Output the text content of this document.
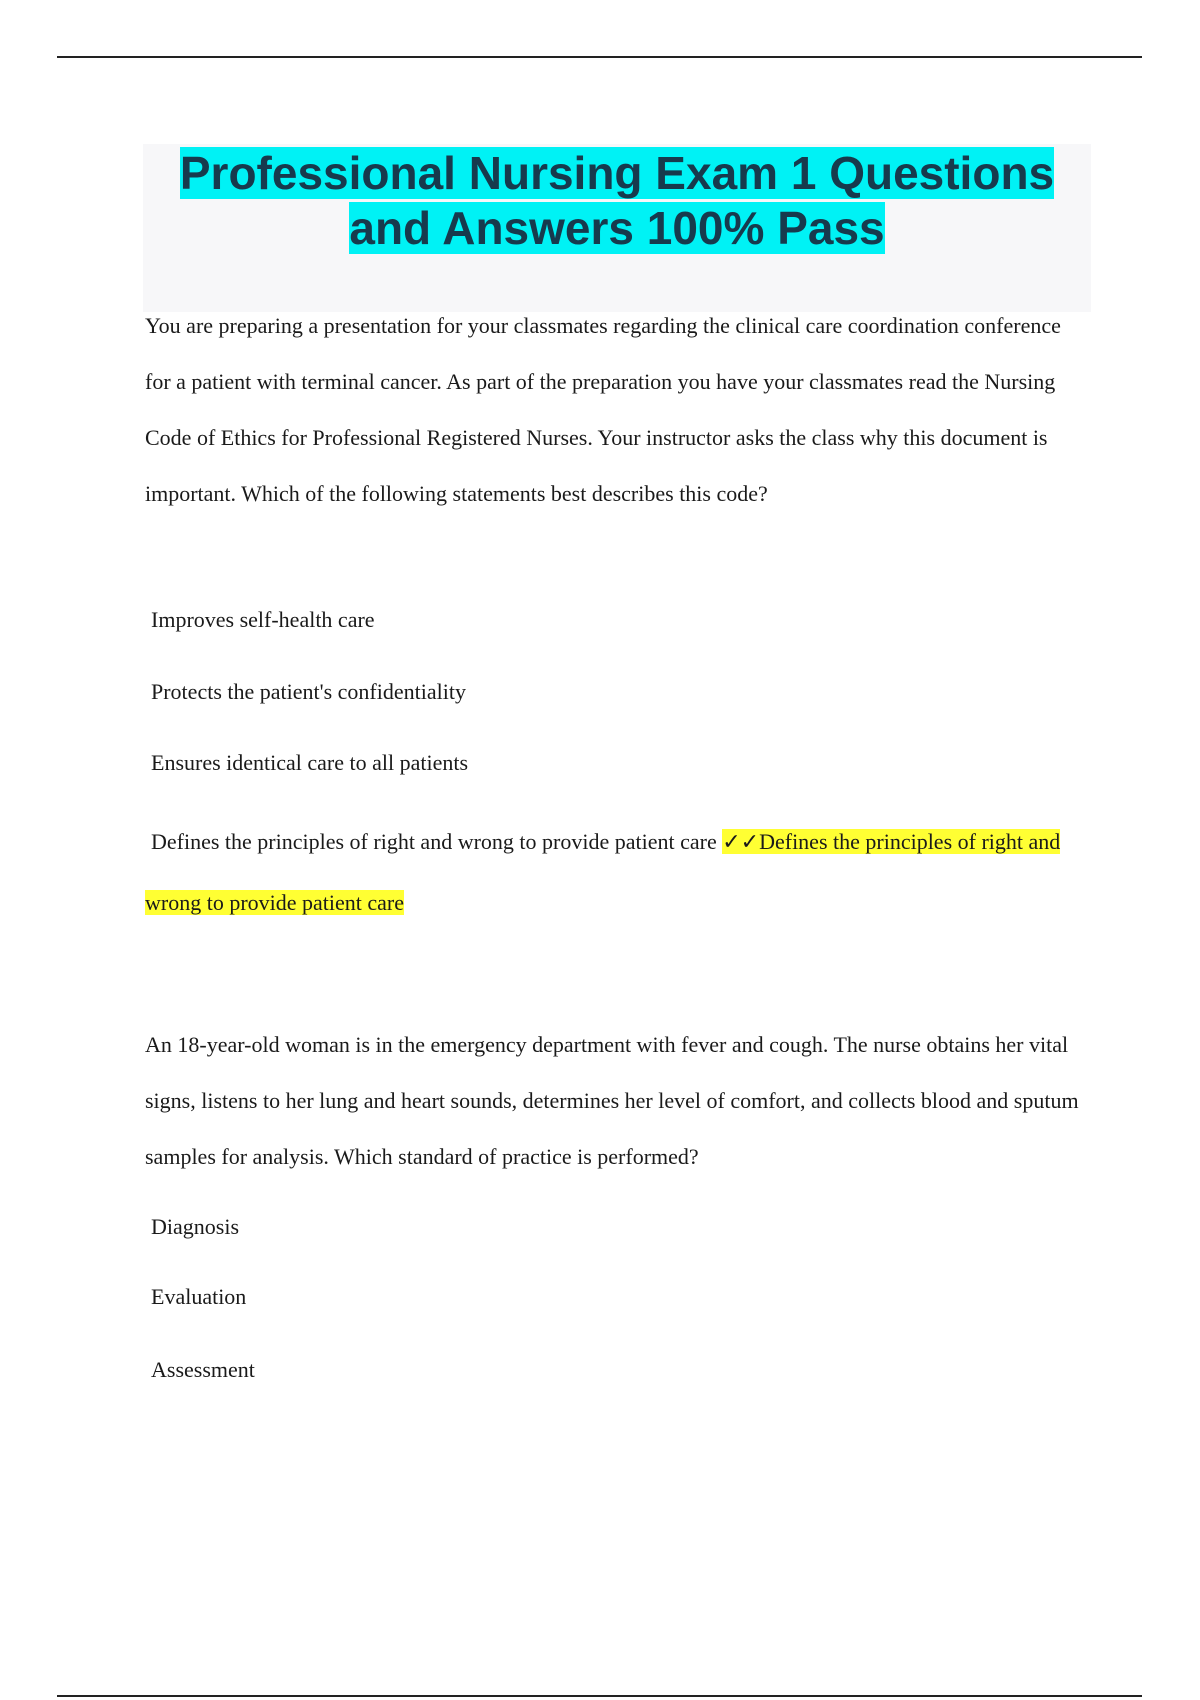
Professional Nursing Exam 1 Questions
and Answers 100% Pass

You are preparing a presentation for your classmates regarding the clinical care coordination conference for a patient with terminal cancer. As part of the preparation you have your classmates read the Nursing Code of Ethics for Professional Registered Nurses. Your instructor asks the class why this document is important. Which of the following statements best describes this code?

Improves self-health care

Protects the patient's confidentiality

Ensures identical care to all patients

Defines the principles of right and wrong to provide patient care ✓✓Defines the principles of right and wrong to provide patient care

An 18-year-old woman is in the emergency department with fever and cough. The nurse obtains her vital signs, listens to her lung and heart sounds, determines her level of comfort, and collects blood and sputum samples for analysis. Which standard of practice is performed?

Diagnosis

Evaluation

Assessment
